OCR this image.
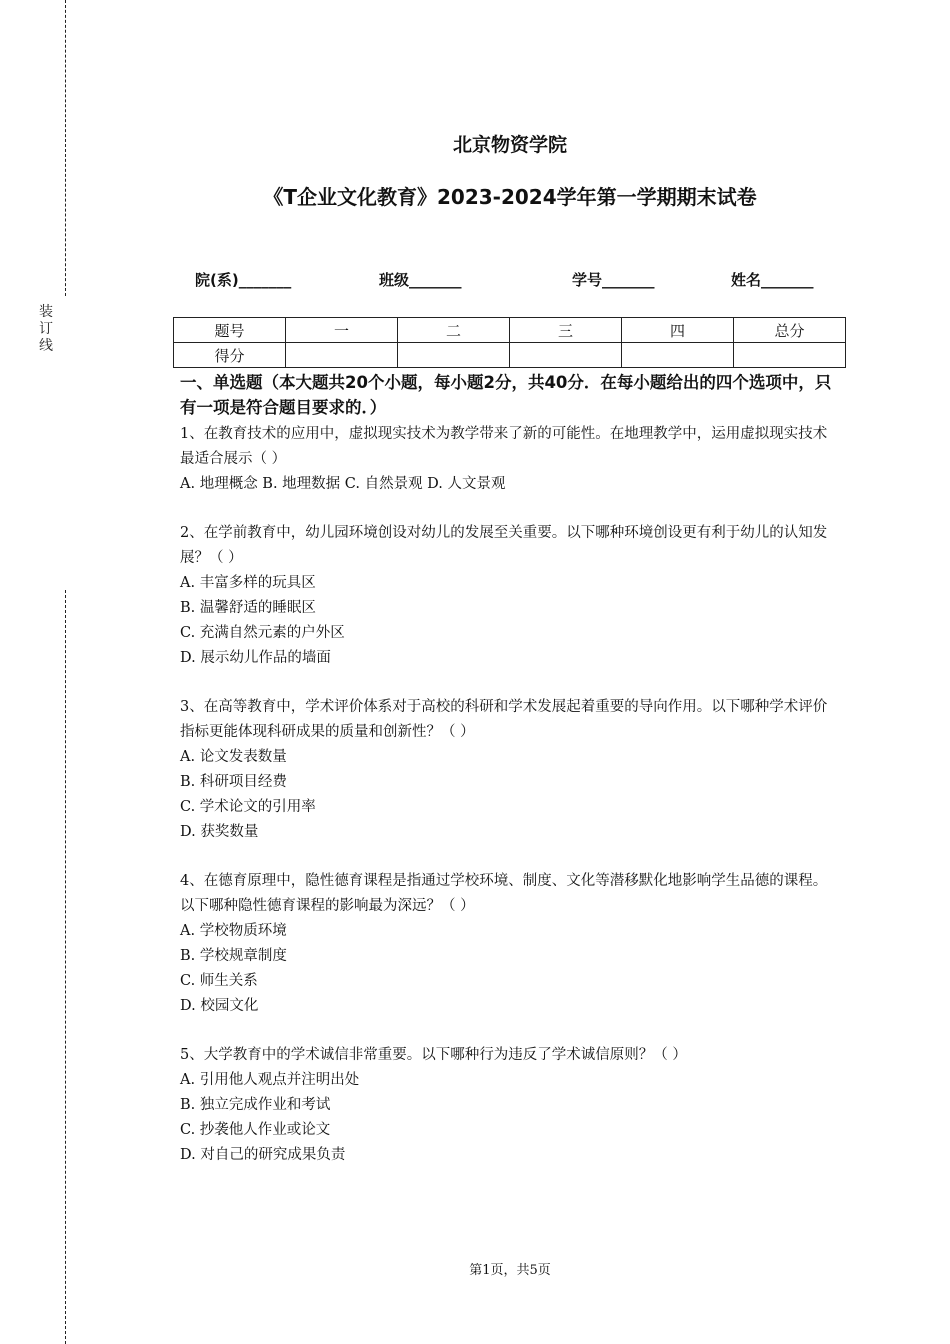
装
订
线
北京物资学院
《T企业文化教育》2023-2024学年第一学期期末试卷
院(系)_______	班级_______	学号_______	姓名_______
题号	一	二	三	四	总分
得分					
一、单选题（本大题共20个小题，每小题2分，共40分．在每小题给出的四个选项中，只有一项是符合题目要求的．）
1、在教育技术的应用中，虚拟现实技术为教学带来了新的可能性。在地理教学中，运用虚拟现实技术最适合展示（ ）
A. 地理概念 B. 地理数据 C. 自然景观 D. 人文景观
2、在学前教育中，幼儿园环境创设对幼儿的发展至关重要。以下哪种环境创设更有利于幼儿的认知发展？（ ）
A. 丰富多样的玩具区
B. 温馨舒适的睡眠区
C. 充满自然元素的户外区
D. 展示幼儿作品的墙面
3、在高等教育中，学术评价体系对于高校的科研和学术发展起着重要的导向作用。以下哪种学术评价指标更能体现科研成果的质量和创新性？（ ）
A. 论文发表数量
B. 科研项目经费
C. 学术论文的引用率
D. 获奖数量
4、在德育原理中，隐性德育课程是指通过学校环境、制度、文化等潜移默化地影响学生品德的课程。以下哪种隐性德育课程的影响最为深远？（ ）
A. 学校物质环境
B. 学校规章制度
C. 师生关系
D. 校园文化
5、大学教育中的学术诚信非常重要。以下哪种行为违反了学术诚信原则？（ ）
A. 引用他人观点并注明出处
B. 独立完成作业和考试
C. 抄袭他人作业或论文
D. 对自己的研究成果负责
第1页，共5页
